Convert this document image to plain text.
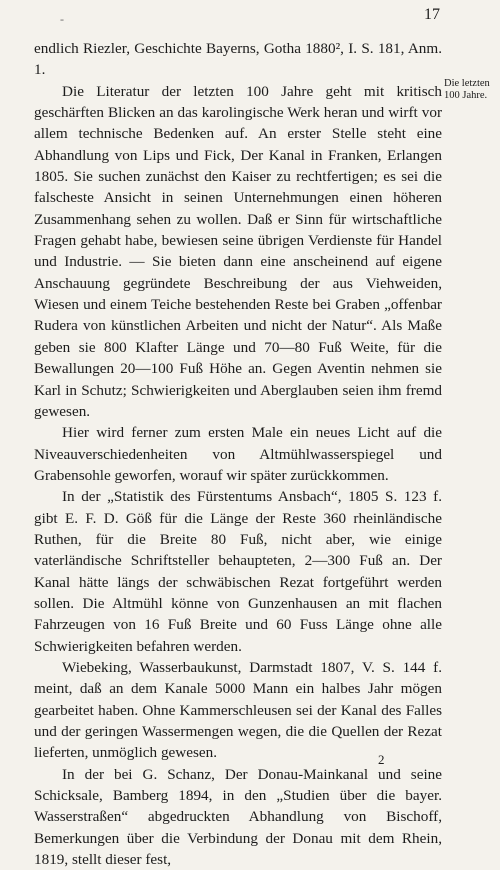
-	17

endlich Riezler, Geschichte Bayerns, Gotha 1880², I. S. 181, Anm. 1.

Die Literatur der letzten 100 Jahre geht mit kritisch geschärften Blicken an das karolingische Werk heran und wirft vor allem technische Bedenken auf. An erster Stelle steht eine Abhandlung von Lips und Fick, Der Kanal in Franken, Erlangen 1805. Sie suchen zunächst den Kaiser zu rechtfertigen; es sei die falscheste Ansicht in seinen Unternehmungen einen höheren Zusammenhang sehen zu wollen. Daß er Sinn für wirtschaftliche Fragen gehabt habe, bewiesen seine übrigen Verdienste für Handel und Industrie. — Sie bieten dann eine anscheinend auf eigene Anschauung gegründete Beschreibung der aus Viehweiden, Wiesen und einem Teiche bestehenden Reste bei Graben „offenbar Rudera von künstlichen Arbeiten und nicht der Natur“. Als Maße geben sie 800 Klafter Länge und 70—80 Fuß Weite, für die Bewallungen 20—100 Fuß Höhe an. Gegen Aventin nehmen sie Karl in Schutz; Schwierigkeiten und Aberglauben seien ihm fremd gewesen.

Hier wird ferner zum ersten Male ein neues Licht auf die Niveauverschiedenheiten von Altmühlwasserspiegel und Grabensohle geworfen, worauf wir später zurückkommen.

In der „Statistik des Fürstentums Ansbach“, 1805 S. 123 f. gibt E. F. D. Göß für die Länge der Reste 360 rheinländische Ruthen, für die Breite 80 Fuß, nicht aber, wie einige vaterländische Schriftsteller behaupteten, 2—300 Fuß an. Der Kanal hätte längs der schwäbischen Rezat fortgeführt werden sollen. Die Altmühl könne von Gunzenhausen an mit flachen Fahrzeugen von 16 Fuß Breite und 60 Fuss Länge ohne alle Schwierigkeiten befahren werden.

Wiebeking, Wasserbaukunst, Darmstadt 1807, V. S. 144 f. meint, daß an dem Kanale 5000 Mann ein halbes Jahr mögen gearbeitet haben. Ohne Kammerschleusen sei der Kanal des Falles und der geringen Wassermengen wegen, die die Quellen der Rezat lieferten, unmöglich gewesen.

In der bei G. Schanz, Der Donau-Mainkanal und seine Schicksale, Bamberg 1894, in den „Studien über die bayer. Wasserstraßen“ abgedruckten Abhandlung von Bischoff, Bemerkungen über die Verbindung der Donau mit dem Rhein, 1819, stellt dieser fest,

Die letzten 100 Jahre.
2
